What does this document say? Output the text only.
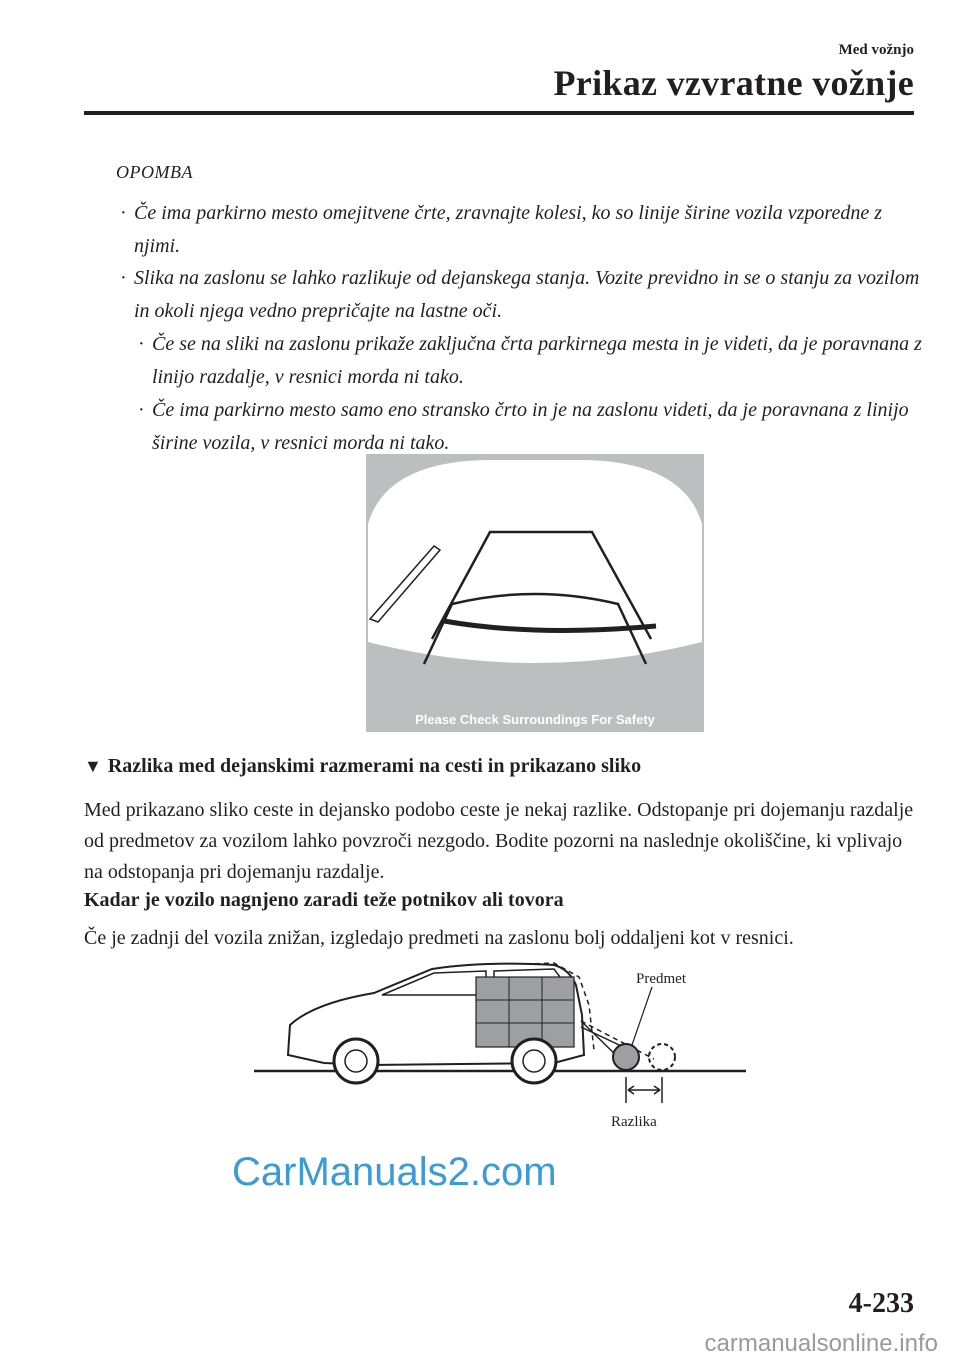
Med vožnjo
Prikaz vzvratne vožnje
OPOMBA
· Če ima parkirno mesto omejitvene črte, zravnajte kolesi, ko so linije širine vozila vzporedne z njimi.
· Slika na zaslonu se lahko razlikuje od dejanskega stanja. Vozite previdno in se o stanju za vozilom in okoli njega vedno prepričajte na lastne oči.
· Če se na sliki na zaslonu prikaže zaključna črta parkirnega mesta in je videti, da je poravnana z linijo razdalje, v resnici morda ni tako.
· Če ima parkirno mesto samo eno stransko črto in je na zaslonu videti, da je poravnana z linijo širine vozila, v resnici morda ni tako.
Please Check Surroundings For Safety
▼ Razlika med dejanskimi razmerami na cesti in prikazano sliko
Med prikazano sliko ceste in dejansko podobo ceste je nekaj razlike. Odstopanje pri dojemanju razdalje od predmetov za vozilom lahko povzroči nezgodo. Bodite pozorni na naslednje okoliščine, ki vplivajo na odstopanja pri dojemanju razdalje.
Kadar je vozilo nagnjeno zaradi teže potnikov ali tovora
Če je zadnji del vozila znižan, izgledajo predmeti na zaslonu bolj oddaljeni kot v resnici.
Predmet
Razlika
CarManuals2.com
4-233
carmanualsonline.info
